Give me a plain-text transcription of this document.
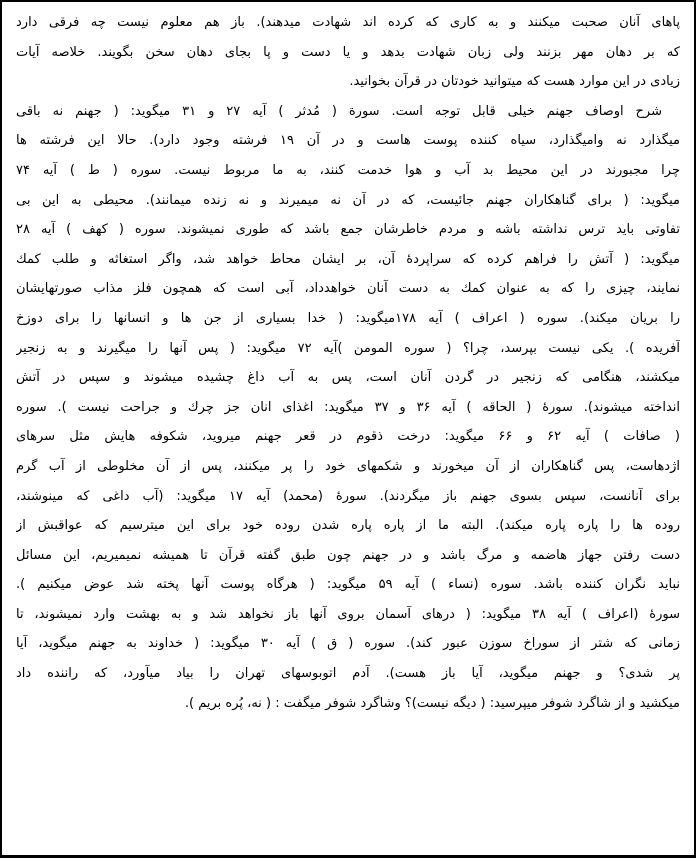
پاهای آنان صحبت میکنند و به کاری که کرده اند شهادت میدهند). باز هم معلوم نیست چه فرقی دارد
که بر دهان مهر بزنند ولی زبان شهادت بدهد و یا دست و پا بجای دهان سخن بگویند. خلاصه آیات
زیادی در این موارد هست که میتوانید خودتان در قرآن بخوانید.
شرح اوصاف جهنم خیلی قابل توجه است. سورة ( مُدثر ) آیه ۲۷ و ۳۱ میگوید: ( جهنم نه باقی
میگذارد نه وامیگذارد، سیاه کننده پوست هاست و در آن ۱۹ فرشته وجود دارد). حالا این فرشته ها
چرا مجبورند در این محیط بد آب و هوا خدمت کنند، به ما مربوط نیست. سوره ( ط ) آیه ۷۴
میگوید: ( برای گناهکاران جهنم جائیست، که در آن نه میمیرند و نه زنده میمانند). محیطی به این بی
تفاوتی باید ترس نداشته باشه و مردم خاطرشان جمع باشد که طوری نمیشوند. سوره ( کهف ) آیه ۲۸
میگوید: ( آتش را فراهم کرده که سراپردهٔ آن، بر ایشان محاط خواهد شد، واگر استغاثه و طلب کمك
نمایند، چیزی را که به عنوان کمك به دست آنان خواهدداد، آبی است که همچون فلز مذاب صورتهایشان
را بریان میکند). سوره ( اعراف ) آیه ۱۷۸میگوید: ( خدا بسیاری از جن ها و انسانها را برای دوزخ
آفریده ). یکی نیست بپرسد، چرا؟ ( سوره المومن )آیه ۷۲ میگوید: ( پس آنها را میگیرند و به زنجیر
میکشند، هنگامی که زنجیر در گردن آنان است، پس به آب داغ چشیده میشوند و سپس در آتش
انداخته میشوند). سورهٔ ( الحاقه ) آیه ۳۶ و ۳۷ میگوید: اغذای انان جز چرك و جراحت نیست ). سوره
( صافات ) آیه ۶۲ و ۶۶ میگوید: درخت ذقوم در قعر جهنم میروید، شکوفه هایش مثل سرهای
اژدهاست، پس گناهکاران از آن میخورند و شکمهای خود را پر میکنند، پس از آن مخلوطی از آب گرم
برای آنانست، سپس بسوی جهنم باز میگردند). سورهٔ (محمد) آیه ۱۷ میگوید: (آب داغی که مینوشند،
روده ها را پاره پاره میکند). البته ما از پاره پاره شدن روده خود برای این میترسیم که عواقبش از
دست رفتن جهاز هاضمه و مرگ باشد و در جهنم چون طبق گفته قرآن تا همیشه نمیمیریم، این مسائل
نباید نگران کننده باشد. سوره (نساء ) آیه ۵۹ میگوید: ( هرگاه پوست آنها پخته شد عوض میکنیم ).
سورهٔ (اعراف ) آیه ۳۸ میگوید: ( درهای آسمان بروی آنها باز نخواهد شد و به بهشت وارد نمیشوند، تا
زمانی که شتر از سوراخ سوزن عبور کند). سوره ( ق ) آیه ۳۰ میگوید: ( خداوند به جهنم میگوید، آیا
پر شدی؟ و جهنم میگوید، آیا باز هست). آدم اتوبوسهای تهران را بیاد میآورد، که راننده داد
میکشید و از شاگرد شوفر میپرسید: ( دیگه نیست)؟ وشاگرد شوفر میگفت : ( نه، پُره بریم ).
